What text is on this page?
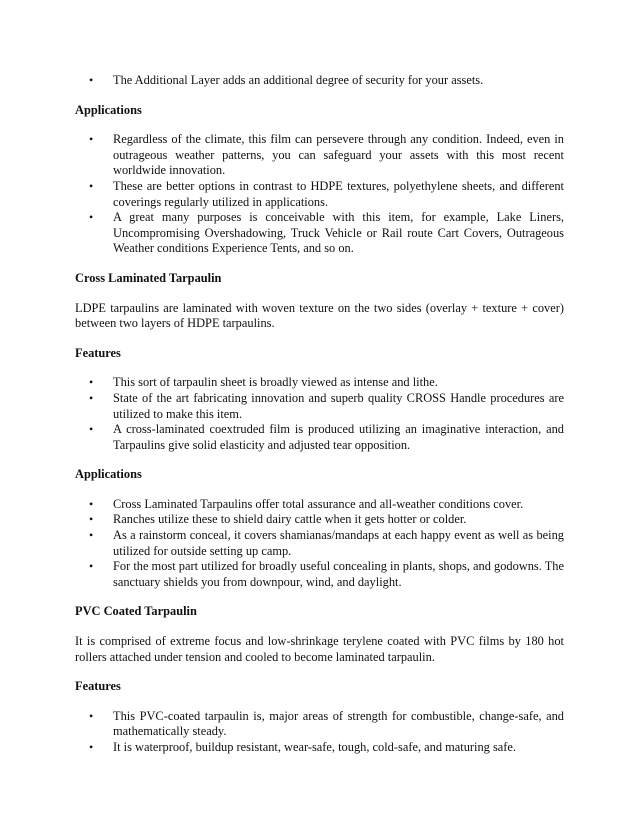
• The Additional Layer adds an additional degree of security for your assets.

Applications

• Regardless of the climate, this film can persevere through any condition. Indeed, even in outrageous weather patterns, you can safeguard your assets with this most recent worldwide innovation.
• These are better options in contrast to HDPE textures, polyethylene sheets, and different coverings regularly utilized in applications.
• A great many purposes is conceivable with this item, for example, Lake Liners, Uncompromising Overshadowing, Truck Vehicle or Rail route Cart Covers, Outrageous Weather conditions Experience Tents, and so on.

Cross Laminated Tarpaulin

LDPE tarpaulins are laminated with woven texture on the two sides (overlay + texture + cover) between two layers of HDPE tarpaulins.

Features

• This sort of tarpaulin sheet is broadly viewed as intense and lithe.
• State of the art fabricating innovation and superb quality CROSS Handle procedures are utilized to make this item.
• A cross-laminated coextruded film is produced utilizing an imaginative interaction, and Tarpaulins give solid elasticity and adjusted tear opposition.

Applications

• Cross Laminated Tarpaulins offer total assurance and all-weather conditions cover.
• Ranches utilize these to shield dairy cattle when it gets hotter or colder.
• As a rainstorm conceal, it covers shamianas/mandaps at each happy event as well as being utilized for outside setting up camp.
• For the most part utilized for broadly useful concealing in plants, shops, and godowns. The sanctuary shields you from downpour, wind, and daylight.

PVC Coated Tarpaulin

It is comprised of extreme focus and low-shrinkage terylene coated with PVC films by 180 hot rollers attached under tension and cooled to become laminated tarpaulin.

Features

• This PVC-coated tarpaulin is, major areas of strength for combustible, change-safe, and mathematically steady.
• It is waterproof, buildup resistant, wear-safe, tough, cold-safe, and maturing safe.
